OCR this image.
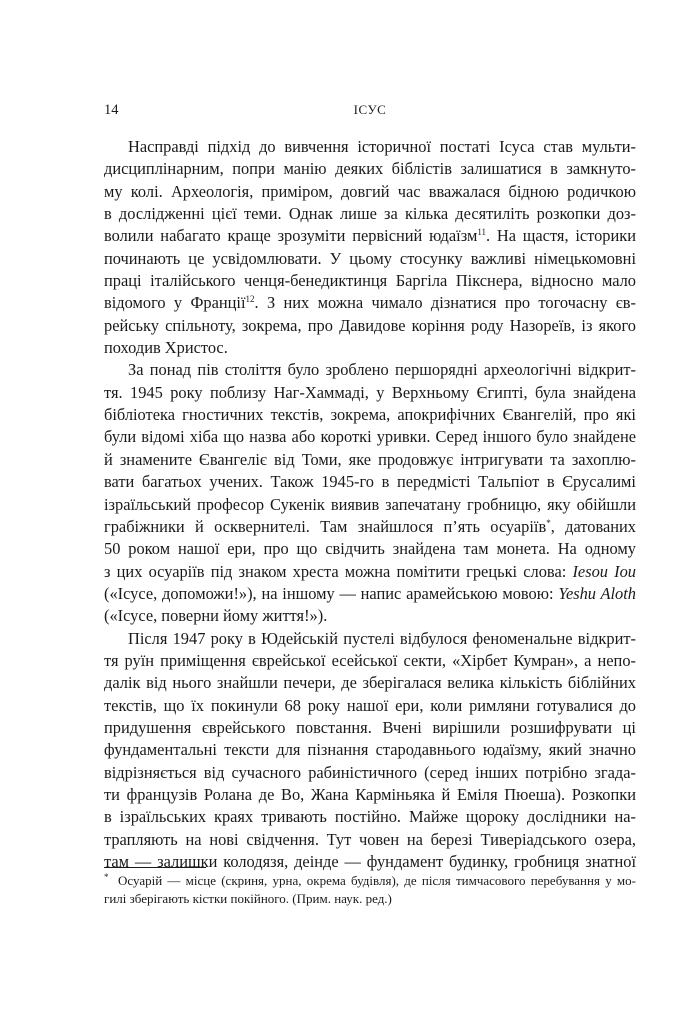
14	ІСУС
Насправді підхід до вивчення історичної постаті Ісуса став мульти-
дисциплінарним, попри манію деяких біблістів залишатися в замкнуто-
му колі. Археологія, приміром, довгий час вважалася бідною родичкою
в дослідженні цієї теми. Однак лише за кілька десятиліть розкопки доз-
волили набагато краще зрозуміти первісний юдаїзм$^{11}$. На щастя, історики
починають це усвідомлювати. У цьому стосунку важливі німецькомовні
праці італійського ченця-бенедиктинця Баргіла Пікснера, відносно мало
відомого у Франції$^{12}$. З них можна чимало дізнатися про тогочасну єв-
рейську спільноту, зокрема, про Давидове коріння роду Назореїв, із якого
походив Христос.
За понад пів століття було зроблено першорядні археологічні відкрит-
тя. 1945 року поблизу Наг-Хаммаді, у Верхньому Єгипті, була знайдена
бібліотека гностичних текстів, зокрема, апокрифічних Євангелій, про які
були відомі хіба що назва або короткі уривки. Серед іншого було знайдене
й знамените Євангеліє від Томи, яке продовжує інтригувати та захоплю-
вати багатьох учених. Також 1945-го в передмісті Тальпіот в Єрусалимі
ізраїльський професор Сукенік виявив запечатану гробницю, яку обійшли
грабіжники й осквернителі. Там знайшлося п’ять осуаріїв*, датованих
50 роком нашої ери, про що свідчить знайдена там монета. На одному
з цих осуаріїв під знаком хреста можна помітити грецькі слова: Iesou Iou
(«Ісусе, допоможи!»), на іншому — напис арамейською мовою: Yeshu Aloth
(«Ісусе, поверни йому життя!»).
Після 1947 року в Юдейській пустелі відбулося феноменальне відкрит-
тя руїн приміщення єврейської есейської секти, «Хірбет Кумран», а непо-
далік від нього знайшли печери, де зберігалася велика кількість біблійних
текстів, що їх покинули 68 року нашої ери, коли римляни готувалися до
придушення єврейського повстання. Вчені вирішили розшифрувати ці
фундаментальні тексти для пізнання стародавнього юдаїзму, який значно
відрізняється від сучасного рабиністичного (серед інших потрібно згада-
ти французів Ролана де Во, Жана Карміньяка й Еміля Пюеша). Розкопки
в ізраїльських краях тривають постійно. Майже щороку дослідники на-
трапляють на нові свідчення. Тут човен на березі Тиверіадського озера,
там — залишки колодязя, деінде — фундамент будинку, гробниця знатної
* Осуарій — місце (скриня, урна, окрема будівля), де після тимчасового перебування у мо-
гилі зберігають кістки покійного. (Прим. наук. ред.)
